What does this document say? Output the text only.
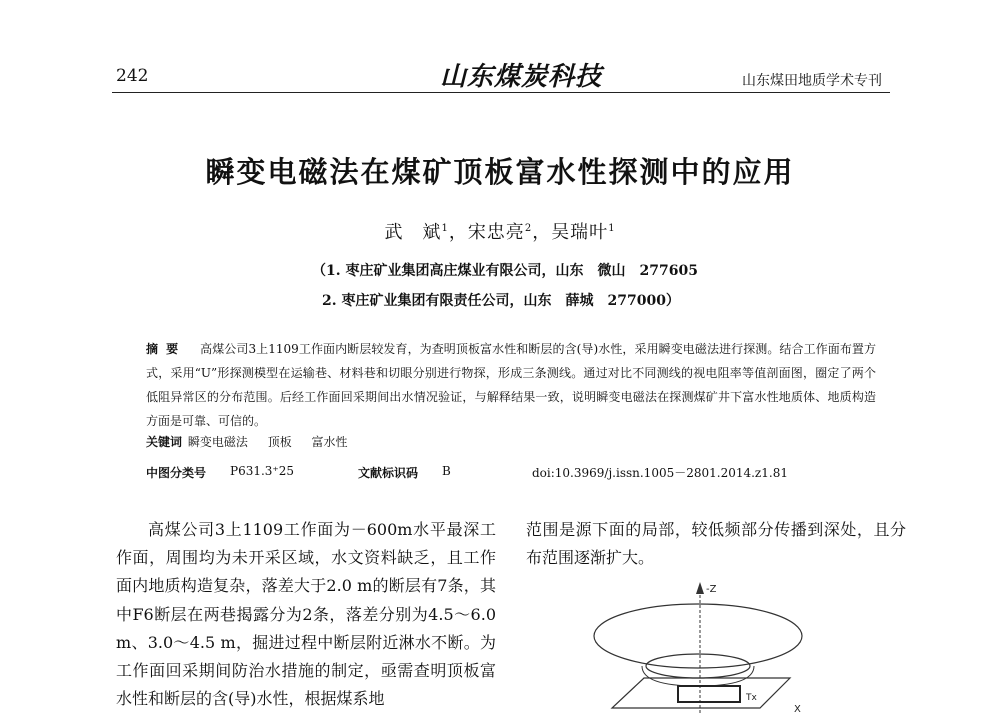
242	山东煤炭科技	山东煤田地质学术专刊
瞬变电磁法在煤矿顶板富水性探测中的应用
武　斌$^1$，宋忠亮$^2$，吴瑞叶$^1$
（1. 枣庄矿业集团高庄煤业有限公司，山东　微山　277605
2. 枣庄矿业集团有限责任公司，山东　薛城　277000）
摘要 高煤公司3上1109工作面内断层较发育，为查明顶板富水性和断层的含(导)水性，采用瞬变电磁法进行探测。结合工作面布置方式，采用“U”形探测模型在运输巷、材料巷和切眼分别进行物探，形成三条测线。通过对比不同测线的视电阻率等值剖面图，圈定了两个低阻异常区的分布范围。后经工作面回采期间出水情况验证，与解释结果一致，说明瞬变电磁法在探测煤矿井下富水性地质体、地质构造方面是可靠、可信的。
关键词 瞬变电磁法 顶板 富水性
中图分类号 P631.3⁺25	文献标识码 B	doi:10.3969/j.issn.1005－2801.2014.z1.81
高煤公司3上1109工作面为－600m水平最深工作面，周围均为未开采区域，水文资料缺乏，且工作面内地质构造复杂，落差大于2.0 m的断层有7条，其中F6断层在两巷揭露分为2条，落差分别为4.5～6.0 m、3.0～4.5 m，掘进过程中断层附近淋水不断。为工作面回采期间防治水措施的制定，亟需查明顶板富水性和断层的含(导)水性，根据煤系地
范围是源下面的局部，较低频部分传播到深处，且分布范围逐渐扩大。
-Z
Tx
X
